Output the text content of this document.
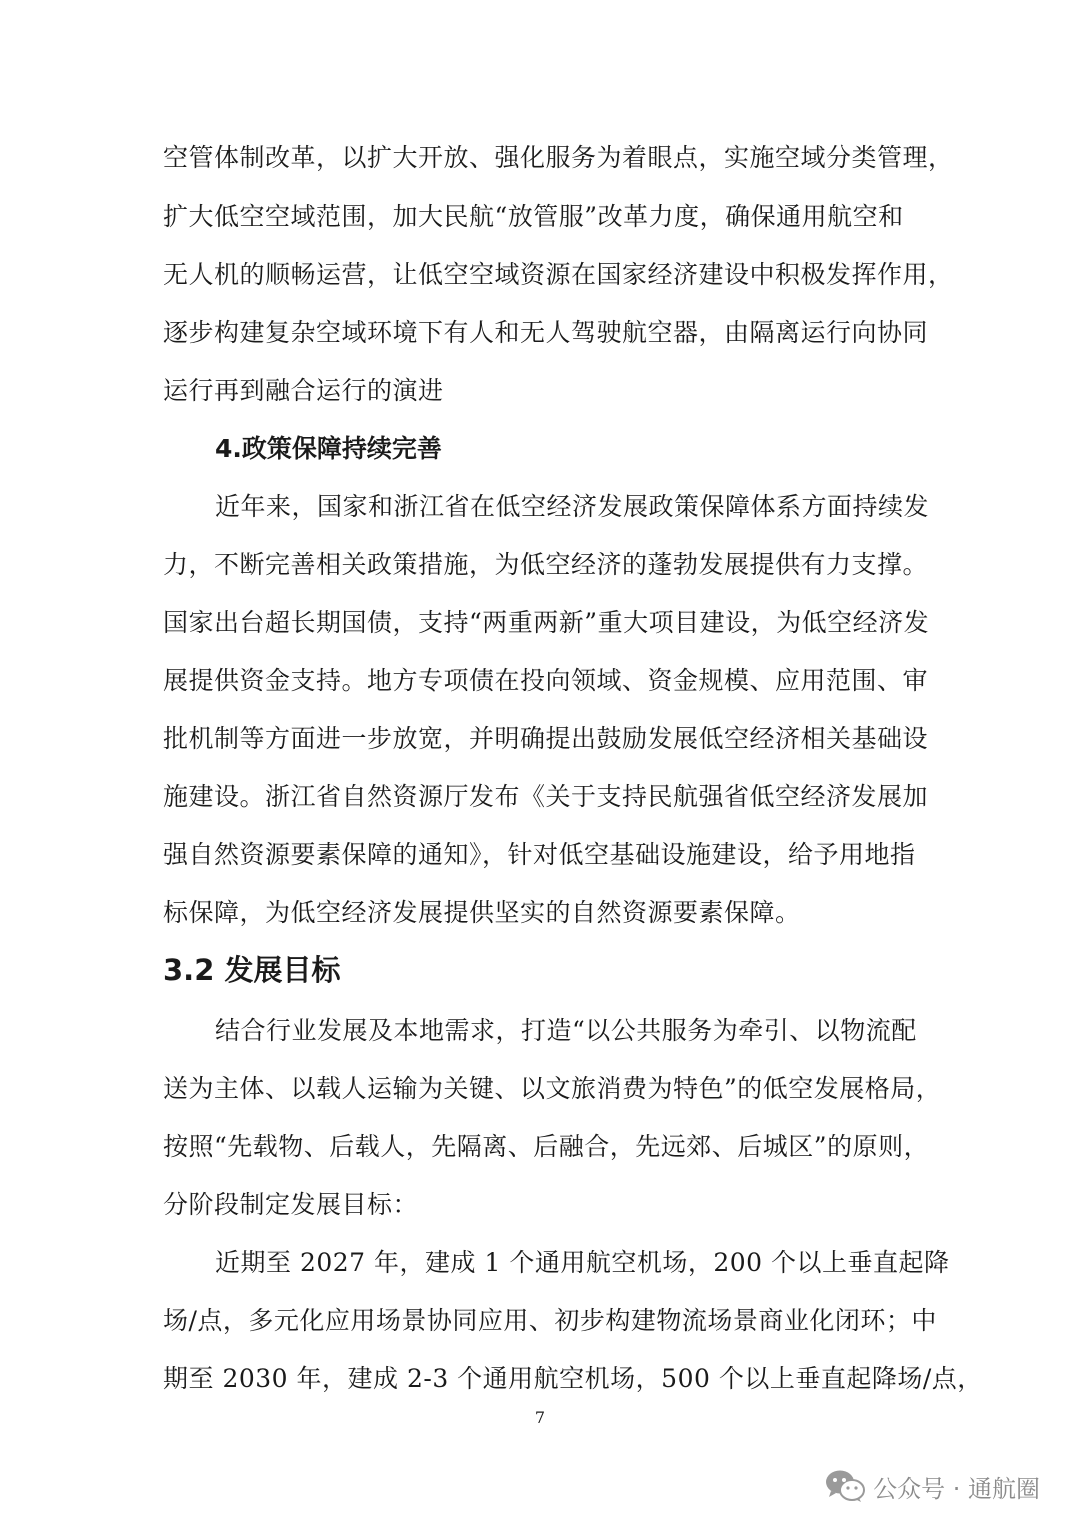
空管体制改革，以扩大开放、强化服务为着眼点，实施空域分类管理，
扩大低空空域范围，加大民航“放管服”改革力度，确保通用航空和
无人机的顺畅运营，让低空空域资源在国家经济建设中积极发挥作用，
逐步构建复杂空域环境下有人和无人驾驶航空器，由隔离运行向协同
运行再到融合运行的演进
4.政策保障持续完善
近年来，国家和浙江省在低空经济发展政策保障体系方面持续发
力，不断完善相关政策措施，为低空经济的蓬勃发展提供有力支撑。
国家出台超长期国债，支持“两重两新”重大项目建设，为低空经济发
展提供资金支持。地方专项债在投向领域、资金规模、应用范围、审
批机制等方面进一步放宽，并明确提出鼓励发展低空经济相关基础设
施建设。浙江省自然资源厅发布《关于支持民航强省低空经济发展加
强自然资源要素保障的通知》，针对低空基础设施建设，给予用地指
标保障，为低空经济发展提供坚实的自然资源要素保障。
3.2 发展目标
结合行业发展及本地需求，打造“以公共服务为牵引、以物流配
送为主体、以载人运输为关键、以文旅消费为特色”的低空发展格局，
按照“先载物、后载人，先隔离、后融合，先远郊、后城区”的原则，
分阶段制定发展目标：
近期至 2027 年，建成 1 个通用航空机场，200 个以上垂直起降
场/点，多元化应用场景协同应用、初步构建物流场景商业化闭环；中
期至 2030 年，建成 2-3 个通用航空机场，500 个以上垂直起降场/点，
7
公众号 · 通航圈
